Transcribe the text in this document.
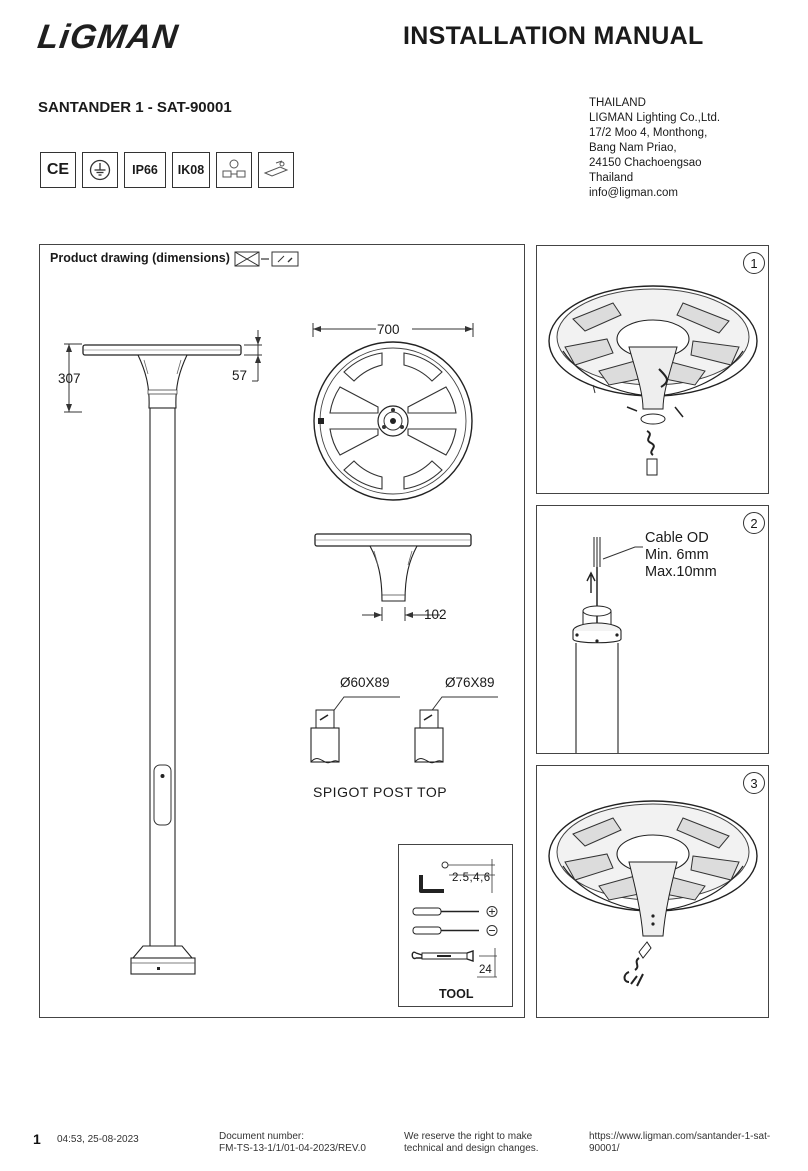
LiGMAN	INSTALLATION MANUAL
SANTANDER 1 - SAT-90001	THAILAND
LIGMAN Lighting Co.,Ltd.
17/2 Moo 4, Monthong,
Bang Nam Priao,
24150 Chachoengsao
Thailand
info@ligman.com
CE	IP66	IK08
Product drawing (dimensions)
307	57
700
102
Ø60X89	Ø76X89
SPIGOT POST TOP
2.5,4,6
24
TOOL
1
2
Cable OD
Min. 6mm
Max.10mm
3
1 04:53, 25-08-2023	Document number:
FM-TS-13-1/1/01-04-2023/REV.0
We reserve the right to make
technical and design changes.
https://www.ligman.com/santander-1-sat-
90001/
